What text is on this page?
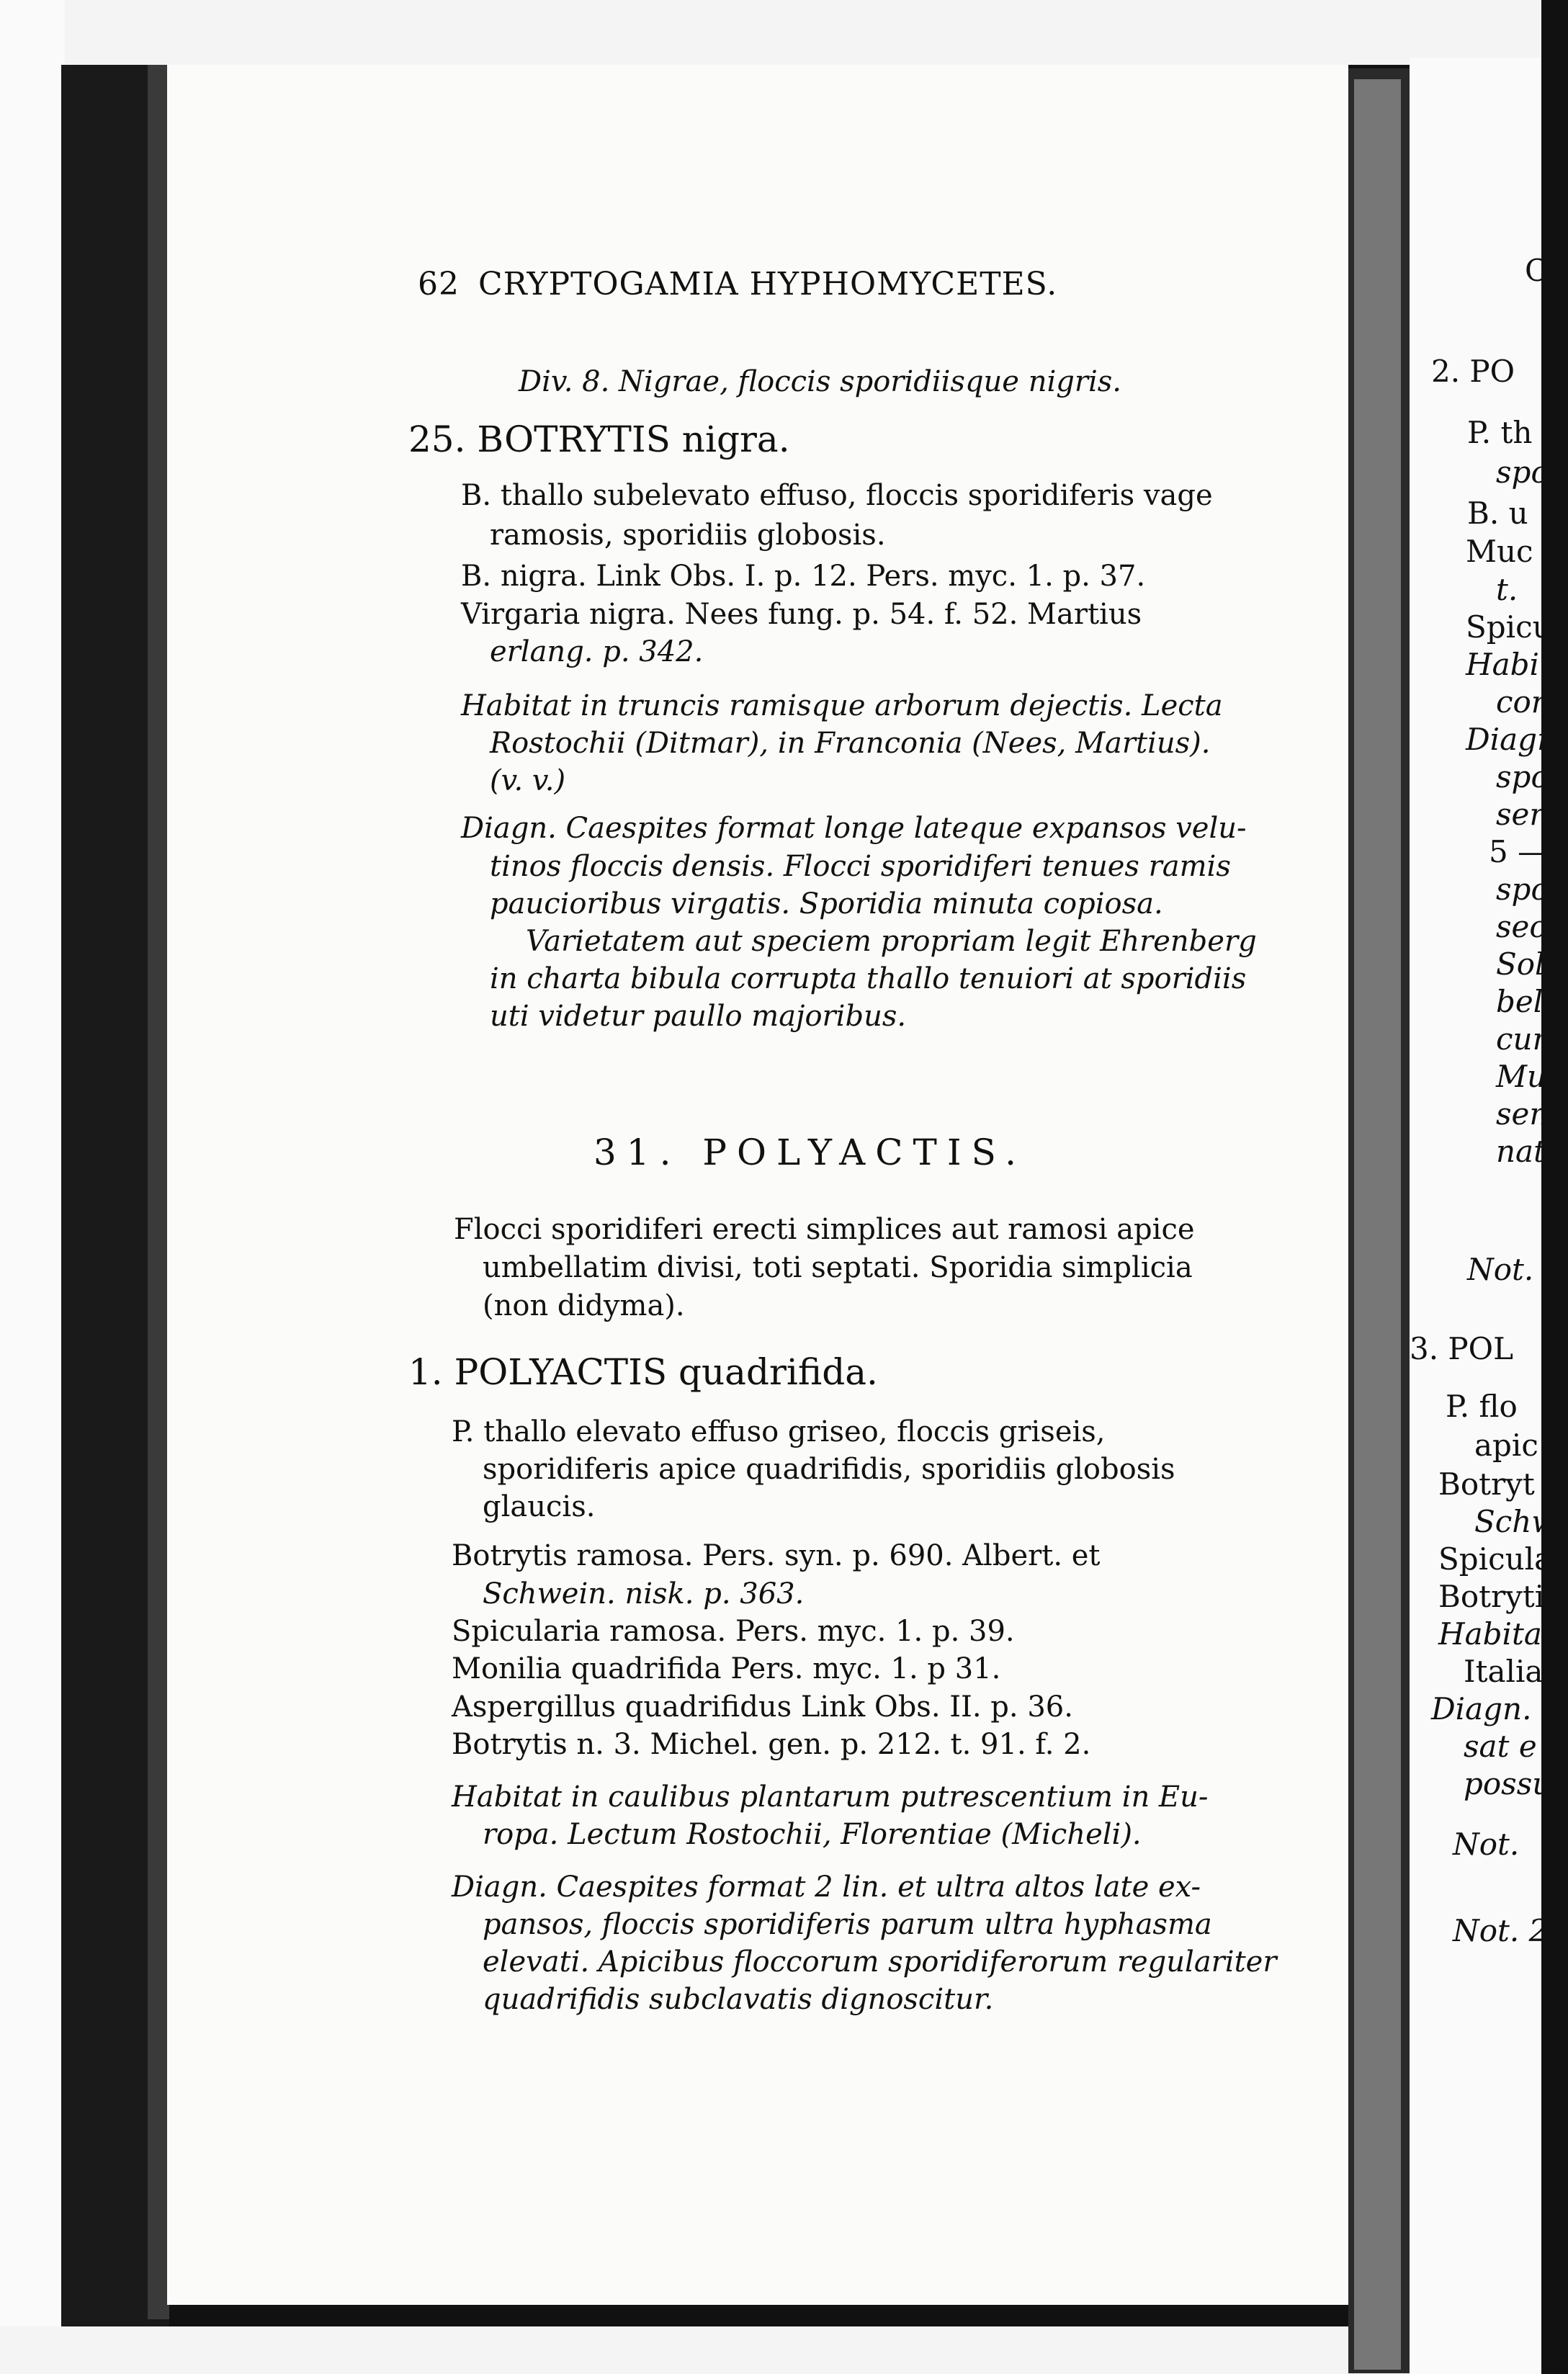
62 CRYPTOGAMIA HYPHOMYCETES.
Div. 8. Nigrae, floccis sporidiisque nigris.
25. BOTRYTIS nigra.
B. thallo subelevato effuso, floccis sporidiferis vage
ramosis, sporidiis globosis.
B. nigra. Link Obs. I. p. 12. Pers. myc. 1. p. 37.
Virgaria nigra. Nees fung. p. 54. f. 52. Martius
erlang. p. 342.
Habitat in truncis ramisque arborum dejectis. Lecta
Rostochii (Ditmar), in Franconia (Nees, Martius).
(v. v.)
Diagn. Caespites format longe lateque expansos velu-
tinos floccis densis. Flocci sporidiferi tenues ramis
paucioribus virgatis. Sporidia minuta copiosa.
Varietatem aut speciem propriam legit Ehrenberg
in charta bibula corrupta thallo tenuiori at sporidiis
uti videtur paullo majoribus.
31. POLYACTIS.
Flocci sporidiferi erecti simplices aut ramosi apice
umbellatim divisi, toti septati. Sporidia simplicia
(non didyma).
1. POLYACTIS quadrifida.
P. thallo elevato effuso griseo, floccis griseis,
sporidiferis apice quadrifidis, sporidiis globosis
glaucis.
Botrytis ramosa. Pers. syn. p. 690. Albert. et
Schwein. nisk. p. 363.
Spicularia ramosa. Pers. myc. 1. p. 39.
Monilia quadrifida Pers. myc. 1. p 31.
Aspergillus quadrifidus Link Obs. II. p. 36.
Botrytis n. 3. Michel. gen. p. 212. t. 91. f. 2.
Habitat in caulibus plantarum putrescentium in Eu-
ropa. Lectum Rostochii, Florentiae (Micheli).
Diagn. Caespites format 2 lin. et ultra altos late ex-
pansos, floccis sporidiferis parum ultra hyphasma
elevati. Apicibus floccorum sporidiferorum regulariter
quadrifidis subclavatis dignoscitur.
C
2. PO
P. th
spo
B. u
Muc
t.
Spicu
Habi
cor
Diagn
spo
seri
5 —
spo
sect
Sol
bell
cun
Mu
semi
nata
Not.
3. POL
P. flo
apic
Botryt
Schw
Spicula
Botryti
Habitat
Italia
Diagn.
sat e
possu
Not.
Not. 2
